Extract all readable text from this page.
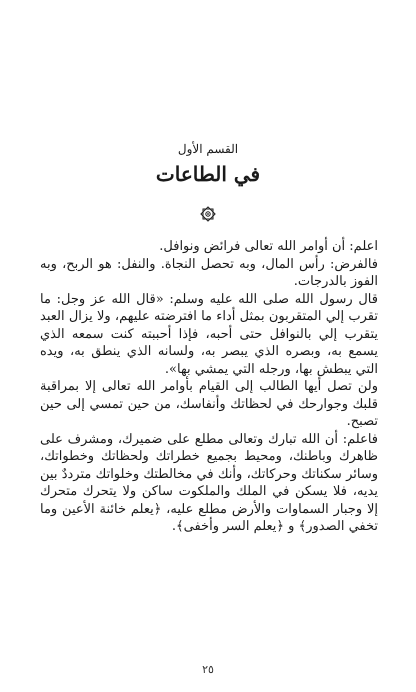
القسم الأول
في الطاعات

اعلم: أن أوامر الله تعالى فرائض ونوافل.

فالفرض: رأس المال، وبه تحصل النجاة. والنفل: هو الربح، وبه الفوز بالدرجات.

قال رسول الله صلى الله عليه وسلم: «قال الله عز وجل: ما تقرب إلي المتقربون بمثل أداء ما افترضته عليهم، ولا يزال العبد يتقرب إلي بالنوافل حتى أحبه، فإذا أحببته كنت سمعه الذي يسمع به، وبصره الذي يبصر به، ولسانه الذي ينطق به، ويده التي يبطش بها، ورجله التي يمشي بها».

ولن تصل أيها الطالب إلى القيام بأوامر الله تعالى إلا بمراقبة قلبك وجوارحك في لحظاتك وأنفاسك، من حين تمسي إلى حين تصبح.

فاعلم: أن الله تبارك وتعالى مطلع على ضميرك، ومشرف على ظاهرك وباطنك، ومحيط بجميع خطراتك ولحظاتك وخطواتك، وسائر سكناتك وحركاتك، وأنك في مخالطتك وخلواتك مترددٌ بين يديه، فلا يسكن في الملك والملكوت ساكن ولا يتحرك متحرك إلا وجبار السماوات والأرض مطلع عليه، ﴿يعلم خائنة الأعين وما تخفي الصدور﴾ و ﴿يعلم السر وأخفى﴾.

٢٥
